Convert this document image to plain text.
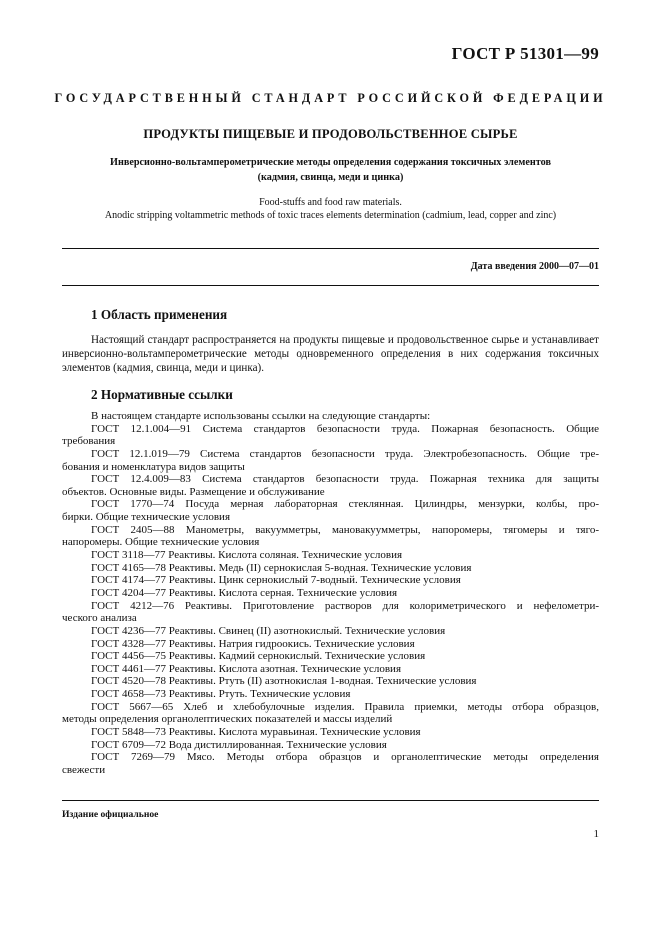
ГОСТ Р 51301—99
ГОСУДАРСТВЕННЫЙ СТАНДАРТ РОССИЙСКОЙ ФЕДЕРАЦИИ
ПРОДУКТЫ ПИЩЕВЫЕ И ПРОДОВОЛЬСТВЕННОЕ СЫРЬЕ
Инверсионно-вольтамперометрические методы определения содержания токсичных элементов
(кадмия, свинца, меди и цинка)
Food-stuffs and food raw materials.
Anodic stripping voltammetric methods of toxic traces elements determination (cadmium, lead, copper and zinc)
Дата введения 2000—07—01
1 Область применения

Настоящий стандарт распространяется на продукты пищевые и продовольственное сырье и устанавливает инверсионно-вольтамперометрические методы одновременного определения в них содержания токсичных элементов (кадмия, свинца, меди и цинка).

2 Нормативные ссылки
В настоящем стандарте использованы ссылки на следующие стандарты:
ГОСТ 12.1.004—91 Система стандартов безопасности труда. Пожарная безопасность. Общие
требования
ГОСТ 12.1.019—79 Система стандартов безопасности труда. Электробезопасность. Общие тре-
бования и номенклатура видов защиты
ГОСТ 12.4.009—83 Система стандартов безопасности труда. Пожарная техника для защиты
объектов. Основные виды. Размещение и обслуживание
ГОСТ 1770—74 Посуда мерная лабораторная стеклянная. Цилиндры, мензурки, колбы, про-
бирки. Общие технические условия
ГОСТ 2405—88 Манометры, вакуумметры, мановакуумметры, напоромеры, тягомеры и тяго-
напоромеры. Общие технические условия
ГОСТ 3118—77 Реактивы. Кислота соляная. Технические условия
ГОСТ 4165—78 Реактивы. Медь (II) сернокислая 5-водная. Технические условия
ГОСТ 4174—77 Реактивы. Цинк сернокислый 7-водный. Технические условия
ГОСТ 4204—77 Реактивы. Кислота серная. Технические условия
ГОСТ 4212—76 Реактивы. Приготовление растворов для колориметрического и нефелометри-
ческого анализа
ГОСТ 4236—77 Реактивы. Свинец (II) азотнокислый. Технические условия
ГОСТ 4328—77 Реактивы. Натрия гидроокись. Технические условия
ГОСТ 4456—75 Реактивы. Кадмий сернокислый. Технические условия
ГОСТ 4461—77 Реактивы. Кислота азотная. Технические условия
ГОСТ 4520—78 Реактивы. Ртуть (II) азотнокислая 1-водная. Технические условия
ГОСТ 4658—73 Реактивы. Ртуть. Технические условия
ГОСТ 5667—65 Хлеб и хлебобулочные изделия. Правила приемки, методы отбора образцов,
методы определения органолептических показателей и массы изделий
ГОСТ 5848—73 Реактивы. Кислота муравьиная. Технические условия
ГОСТ 6709—72 Вода дистиллированная. Технические условия
ГОСТ 7269—79 Мясо. Методы отбора образцов и органолептические методы определения
свежести
Издание официальное
1
